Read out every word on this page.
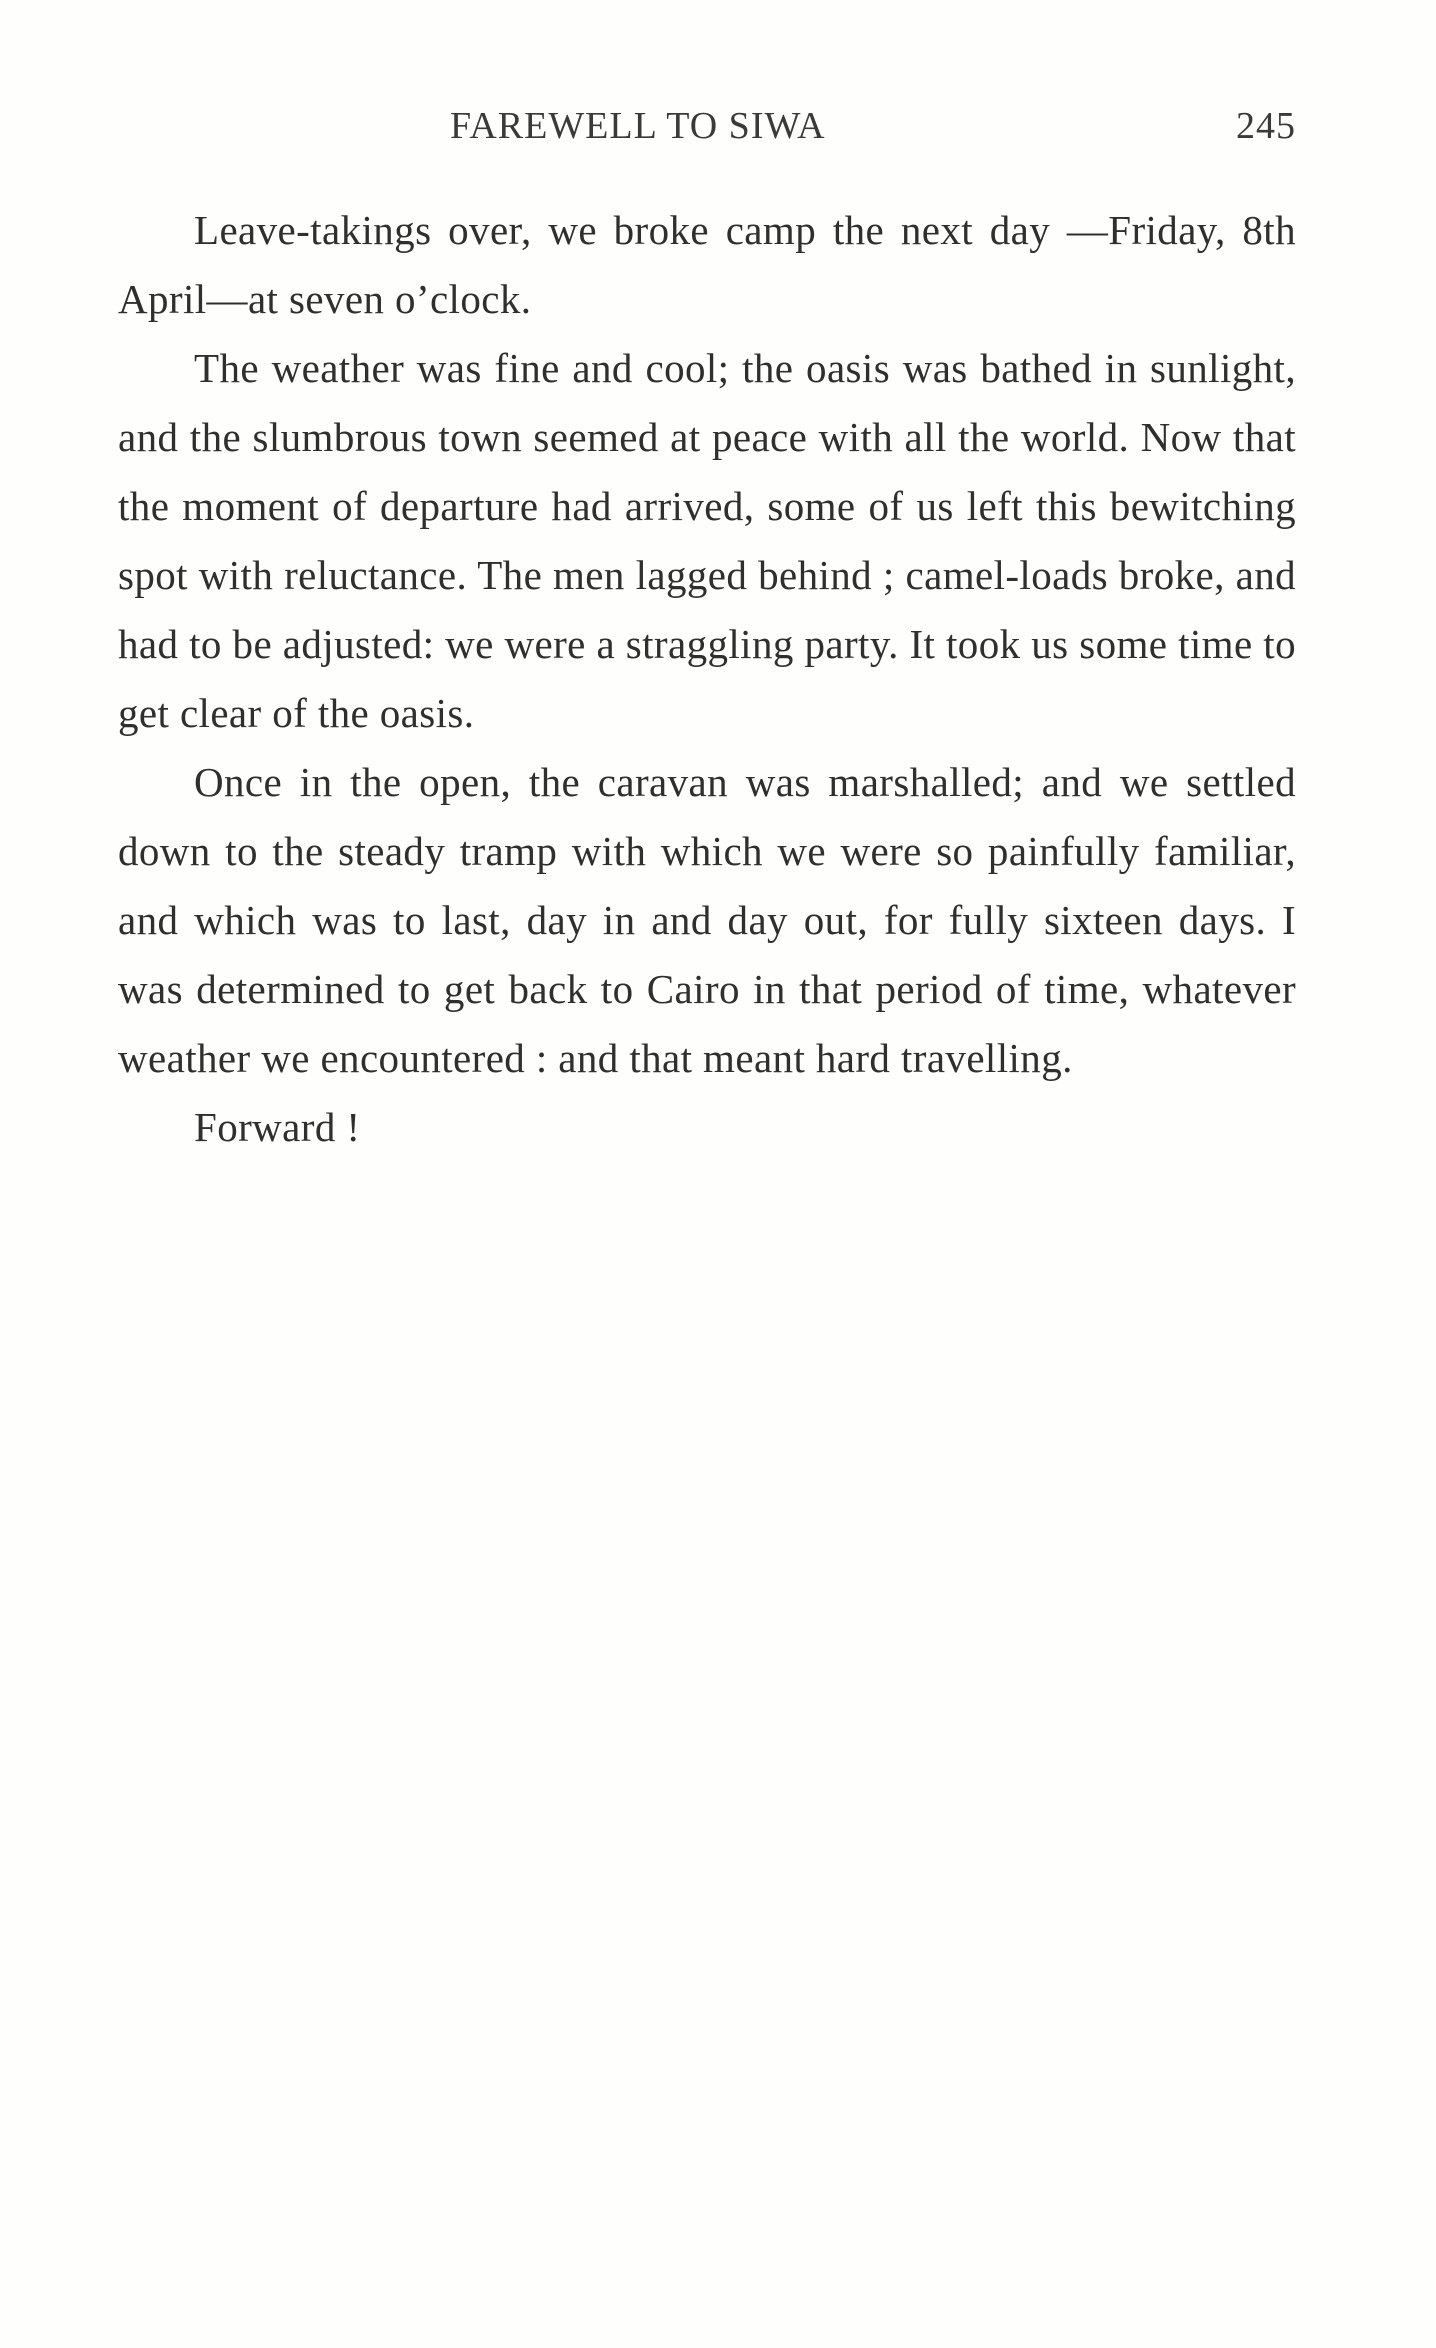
FAREWELL TO SIWA	245

Leave-takings over, we broke camp the next day —Friday, 8th April—at seven o’clock.

The weather was fine and cool; the oasis was bathed in sunlight, and the slumbrous town seemed at peace with all the world. Now that the moment of departure had arrived, some of us left this bewitching spot with reluctance. The men lagged behind ; camel-loads broke, and had to be adjusted: we were a straggling party. It took us some time to get clear of the oasis.

Once in the open, the caravan was marshalled; and we settled down to the steady tramp with which we were so painfully familiar, and which was to last, day in and day out, for fully sixteen days. I was determined to get back to Cairo in that period of time, whatever weather we encountered : and that meant hard travelling.

Forward !
